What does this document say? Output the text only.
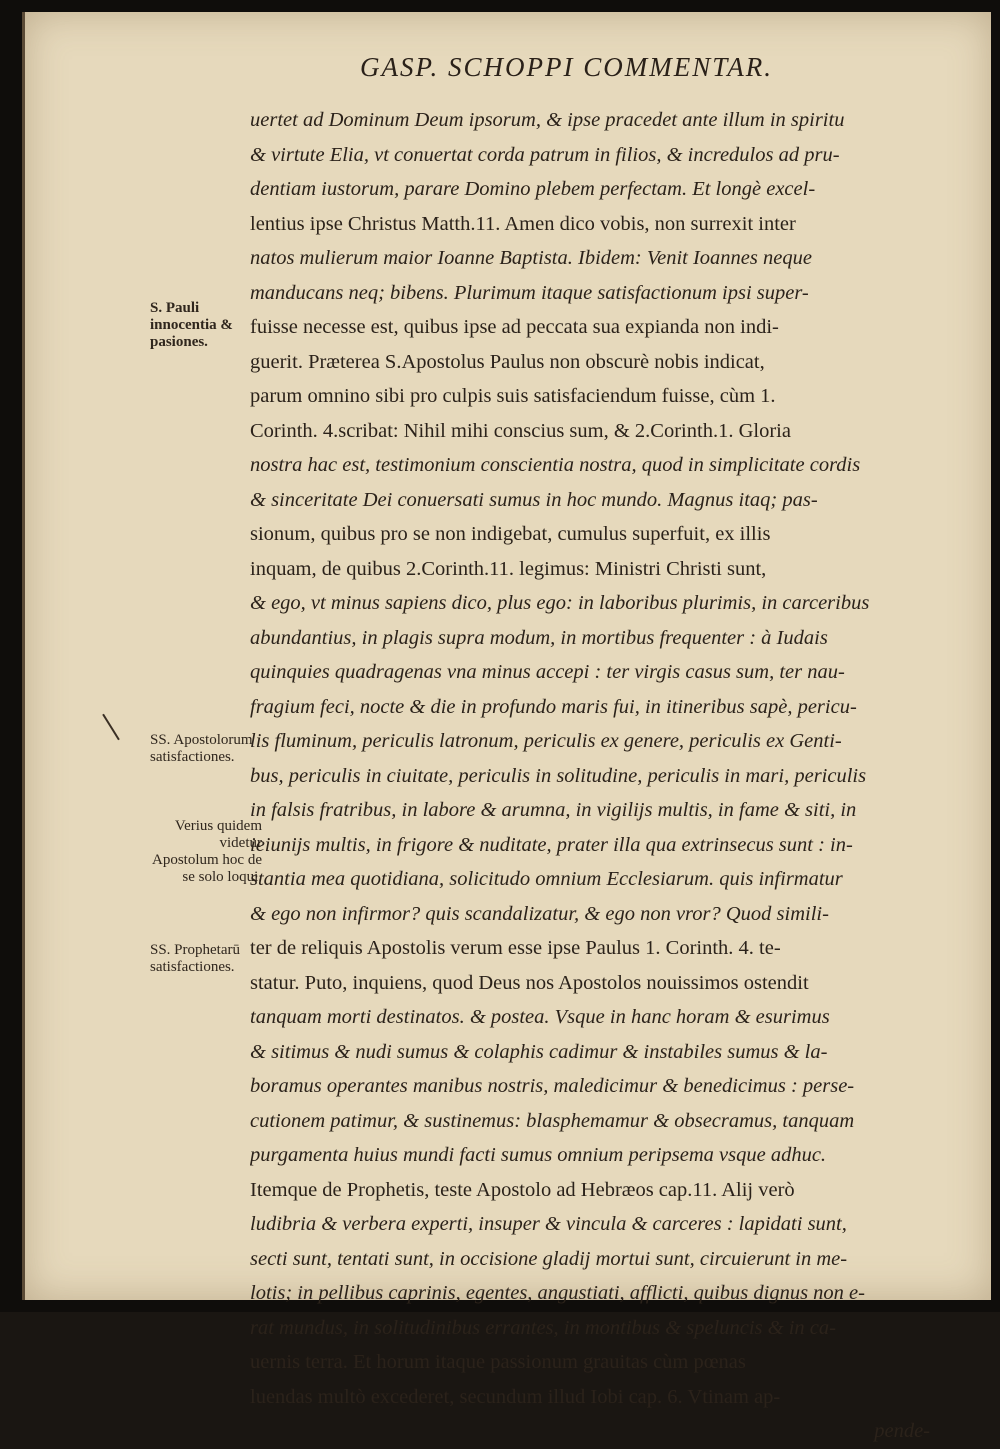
GASP. SCHOPPI COMMENTAR.
S. Pauli innocentia & pasiones.
SS. Apostolorum satisfactiones.
Verius quidem videtur Apostolum hoc de se solo loqui.
SS. Prophetarū satisfactiones.
uertet ad Dominum Deum ipsorum, & ipse pracedet ante illum in spiritu
& virtute Elia, vt conuertat corda patrum in filios, & incredulos ad pru-
dentiam iustorum, parare Domino plebem perfectam. Et longè excel-
lentius ipse Christus Matth.11. Amen dico vobis, non surrexit inter
natos mulierum maior Ioanne Baptista. Ibidem: Venit Ioannes neque
manducans neq; bibens. Plurimum itaque satisfactionum ipsi super-
fuisse necesse est, quibus ipse ad peccata sua expianda non indi-
guerit. Præterea S.Apostolus Paulus non obscurè nobis indicat,
parum omnino sibi pro culpis suis satisfaciendum fuisse, cùm 1.
Corinth. 4.scribat: Nihil mihi conscius sum, & 2.Corinth.1. Gloria
nostra hac est, testimonium conscientia nostra, quod in simplicitate cordis
& sinceritate Dei conuersati sumus in hoc mundo. Magnus itaq; pas-
sionum, quibus pro se non indigebat, cumulus superfuit, ex illis
inquam, de quibus 2.Corinth.11. legimus: Ministri Christi sunt,
& ego, vt minus sapiens dico, plus ego: in laboribus plurimis, in carceribus
abundantius, in plagis supra modum, in mortibus frequenter : à Iudais
quinquies quadragenas vna minus accepi : ter virgis casus sum, ter nau-
fragium feci, nocte & die in profundo maris fui, in itineribus sapè, pericu-
lis fluminum, periculis latronum, periculis ex genere, periculis ex Genti-
bus, periculis in ciuitate, periculis in solitudine, periculis in mari, periculis
in falsis fratribus, in labore & arumna, in vigilijs multis, in fame & siti, in
ieiunijs multis, in frigore & nuditate, prater illa qua extrinsecus sunt : in-
stantia mea quotidiana, solicitudo omnium Ecclesiarum. quis infirmatur
& ego non infirmor? quis scandalizatur, & ego non vror? Quod simili-
ter de reliquis Apostolis verum esse ipse Paulus 1. Corinth. 4. te-
statur. Puto, inquiens, quod Deus nos Apostolos nouissimos ostendit
tanquam morti destinatos. & postea. Vsque in hanc horam & esurimus
& sitimus & nudi sumus & colaphis cadimur & instabiles sumus & la-
boramus operantes manibus nostris, maledicimur & benedicimus : perse-
cutionem patimur, & sustinemus: blasphemamur & obsecramus, tanquam
purgamenta huius mundi facti sumus omnium peripsema vsque adhuc.
Itemque de Prophetis, teste Apostolo ad Hebræos cap.11. Alij verò
ludibria & verbera experti, insuper & vincula & carceres : lapidati sunt,
secti sunt, tentati sunt, in occisione gladij mortui sunt, circuierunt in me-
lotis; in pellibus caprinis, egentes, angustiati, afflicti, quibus dignus non e-
rat mundus, in solitudinibus errantes, in montibus & speluncis & in ca-
uernis terra. Et horum itaque passionum grauitas cùm pœnas
luendas multò excederet, secundum illud Iobi cap. 6. Vtinam ap-
pende-
